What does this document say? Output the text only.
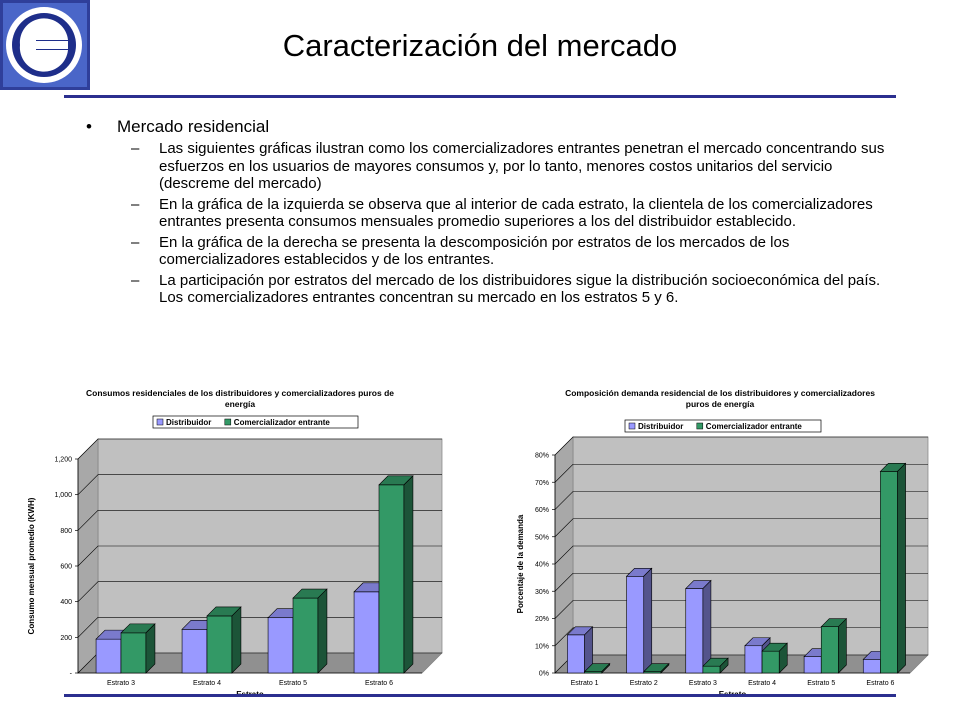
Caracterización del mercado
• Mercado residencial
– Las siguientes gráficas ilustran como los comercializadores entrantes penetran el mercado concentrando sus esfuerzos en los usuarios de mayores consumos y, por lo tanto, menores costos unitarios del servicio (descreme del mercado)
– En la gráfica de la izquierda se observa que al interior de cada estrato, la clientela de los comercializadores entrantes presenta consumos mensuales promedio superiores a los del distribuidor establecido.
– En la gráfica de la derecha se presenta la descomposición por estratos de los mercados de los comercializadores establecidos y de los entrantes.
– La participación por estratos del mercado de los distribuidores sigue la distribución socioeconómica del país. Los comercializadores entrantes concentran su mercado en los estratos 5 y 6.
Consumos residenciales de los distribuidores y comercializadores puros de energía
Distribuidor	Comercializador entrante
-
200
400
600
800
1,000
1,200
Estrato 3	Estrato 4	Estrato 5	Estrato 6
Consumo mensual promedio (KWH)
Composición demanda residencial de los distribuidores y comercializadores puros de energía
Distribuidor	Comercializador entrante
0%
10%
20%
30%
40%
50%
60%
70%
80%
Estrato 1	Estrato 2	Estrato 3	Estrato 4	Estrato 5	Estrato 6
Porcentaje de la demanda
